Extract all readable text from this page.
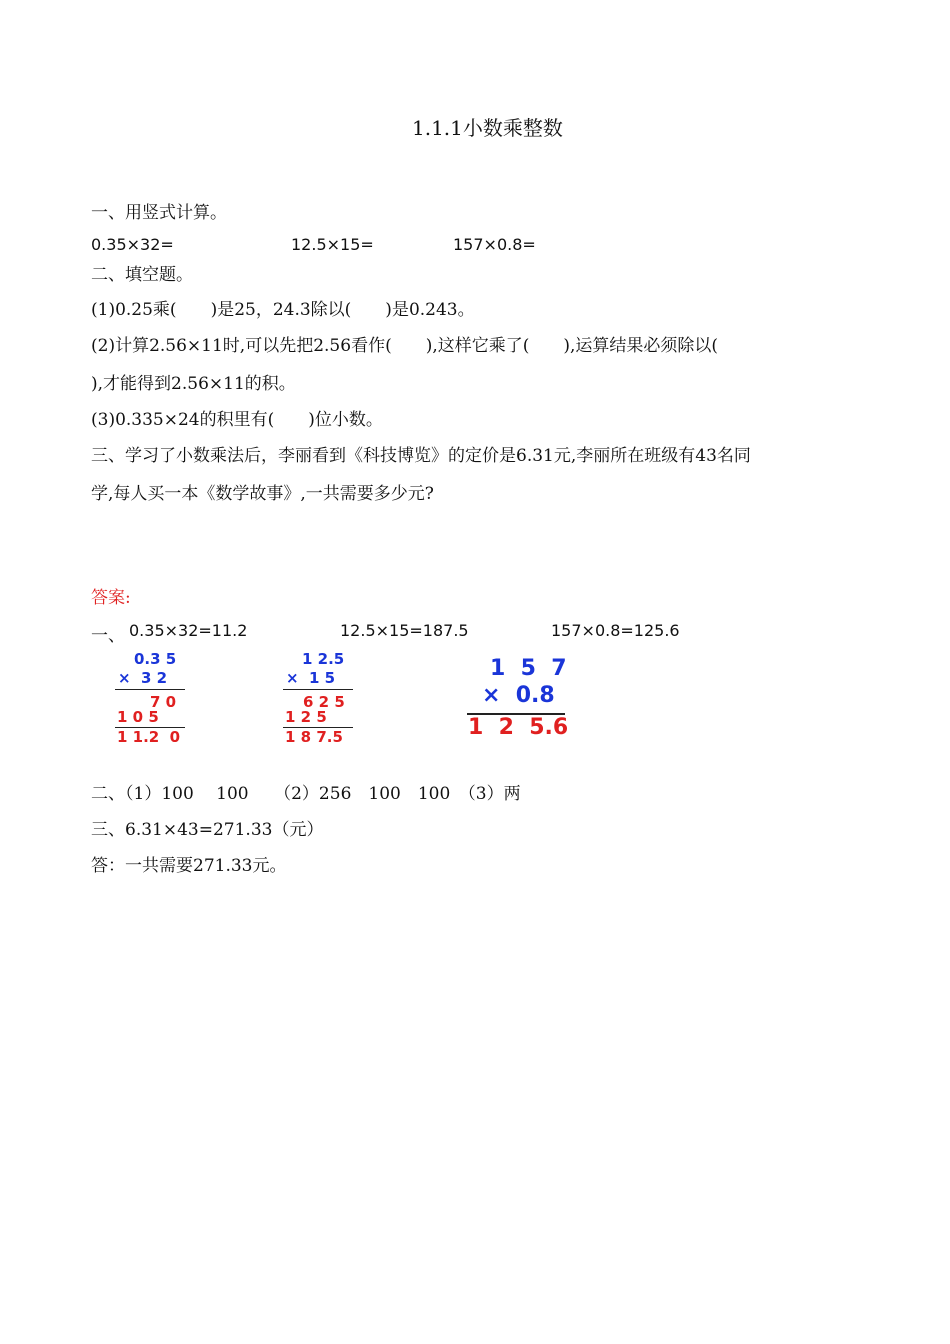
1.1.1小数乘整数
一、用竖式计算。
0.35×32=	12.5×15=	157×0.8=
二、填空题。
(1)0.25乘(　　)是25，24.3除以(　　)是0.243。
(2)计算2.56×11时,可以先把2.56看作(　　),这样它乘了(　　),运算结果必须除以(
),才能得到2.56×11的积。
(3)0.335×24的积里有(　　)位小数。
三、学习了小数乘法后，李丽看到《科技博览》的定价是6.31元,李丽所在班级有43名同
学,每人买一本《数学故事》,一共需要多少元?
答案:
一、 0.35×32=11.2	12.5×15=187.5	157×0.8=125.6
0.3 5
×  3 2
7 0
1 0 5
1 1.2  0
1 2.5
×  1 5
6 2 5
1 2 5
1 8 7.5
1  5  7
×  0.8
1  2  5.6
二、（1）100　 100　　（2）256　100　100　（3）两
三、6.31×43=271.33（元）
答：一共需要271.33元。
